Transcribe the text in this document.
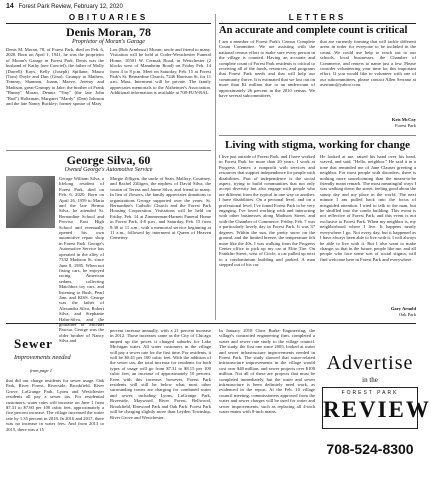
14 Forest Park Review, February 12, 2020
OBITUARIES
Denis Moran, 78
Proprietor of Moran's Garage
Denis M. Moran, 78, of Forest Park, died on Feb. 6, 2020. Born on April 1, 1941, he was the proprietor of Moran's Garage in Forest Park. Denis was the husband of Kathy (nee Conciel); the father of Molly (Darrell) Kays, Kelly (Joseph) Spillane, Maura (Tom) Doyle and Dan (Gina); Grumpy to Mathew, Tommy, Shannon, Joann, Maeve, Jeremy and Madison, great-Grumpy to Jake; the brother of Frank "Bunny" Moran, Dennis "Tiny" (the late John "Bud") Holtzman, Margaret "Mardy" (Dan) Johnson and the late Nancy Buckley; former spouse of Mary
Lou (Bob Armbrust) Moran; uncle and friend to many. Visitation will be held at Coder-Westchester Funeral Home, 10501 W. Cermak Road, in Westchester (2 blocks west of Mannheim Road) on Friday Feb. 14 from 4 to 8 p.m. Meet on Saturday, Feb. 15 at Forest Park's St. Bernardine Church, 7246 Harrison St. for 11 a.m. Mass. Interment will be private. The family appreciates memorials to the Alzheimer's Association. Additional information is available at 708-FUN-RAL.
George Silva, 60
Owned George's Automotive Service
George William Silva, a lifelong resident of Forest Park, died on Feb. 6, 2020. Born on April 26, 1959 to Maria and the late Hermo Silva, he attended St. Bernardine School and Proviso East High School and eventually opened his own automotive repair shop in Forest Park. George's Automotive Service has operated in the alley of 7332 Madison St. since June 8, 1985. When not fixing cars, he enjoyed racing American sedans, collecting Matchbox toy cars, and listening to Rush, Pearl Jam, and KISS. George was the father of Alexandra Silva, Robert Silva, and Stephanie Hahn-Silva, and the godfather of Michael Pascua. George was the older brother of Nancy Silva and
Margie Zilligen, the uncle of Sean, Mallory, Courtney, and Rachel Zilligen, the nephew of David Silva, the cousin of Teresa and Jaime Silva, and friend to many. In lieu of flowers, the family appreciates donations to organizations George supported over the years: St. Bernardine's Catholic Church and the Forest Park Housing Corporation. Visitations will be held on Friday, Feb. 14 at Zimmerman-Harnett Funeral Home in Forest Park, 4-8 p.m., and Saturday, Feb. 15 from 9:30 to 11 a.m., with a memorial service beginning at 11 a.m., followed by interment at Queen of Heaven Cemetery.
LETTERS
An accurate and complete count is critical
I am a member of Forest Park's Census Complete Count Committee. We are assisting with the national census effort to make sure every person in the village is counted. Having an accurate and complete count of Forest Park residents is critical to receiving all of the funds, resources, and programs that Forest Park needs and that will help our community thrive. It is estimated that we lost out on more than $2 million due to an undercount of approximately 26 percent in the 2010 census. We have several subcommittees
that are currently forming that will tackle different areas in order for everyone to be included in the count. We could use help to reach out to our schools, local businesses, the Chamber of Commerce, and renters to name just a few. Please consider volunteering your time for this important effort. If you would like to volunteer with one of our subcommittees, please contact Allen Serrano at aserrano@yahoo.com.
Kris McCoy
Forest Park
Living with stigma, working for change
I live just outside of Forest Park, and I have worked in Forest Park for more than 20 years. I work at Progress Center, a nonprofit with services and resources that support independence for people with disabilities. Part of independence is the social aspect, trying to build communities that not only accept diversity but also engage with people who are different from the typical in one way or another. I have disabilities. On a personal level, and on a professional level, I've found Forest Park to be very engaging. I've loved working with and interacting with other businesses along Madison Street, and with the Chamber of Commerce. Friday, Feb. 7 was a particularly lovely day in Forest Park. It was 37 degrees. Within the sun, the pretty snow on the ground, and the limited breeze, the temperature felt more like the 40s. I was walking from the Progress Center office to pick up my car at Elite Tire. On Franklin Street, west of Circle, a car pulled up next to a condominium building and parked. A man stepped out of his car.
He looked at me, raised his hand over his head, waved, and said, "Hello, neighbor." He said it in a tone that reminded me of Jane Clauser greeting a neighbor. For most people with disorders, there is nothing more unwelcoming than the meant-to-be friendly mean remark. The most meaningful ways I was walking down the street, feeling good about the sunny day and my place in the world. The next minute I am pulled back into the focus of misguided attention. I tried to talk to the man, but he shuffled into the condo building. This event is not reflective of Forest Park, and this event is not exclusive to Forest Park. When my neighbor is, my neighborhood where I live. It happens nearly everywhere I go. Not every day, but it happened as I have always been able to live with it. I will always be able to live with it. But I also want to make change, so that in the future, people like me, and all people who face some sort of social stigma, will find welcome here in Forest Park and everywhere.
Gary Arnold
Oak Park
Sewer
Improvements needed
from page 1
that did our charge residents for sewer usage. Oak Park, River Forest, Riverside, Brookfield, River Grove, LaGrange Park, Lyons and Westchester residents all pay a sewer tax. For residential customers, water rates will increase on June 1 from $7.31 to $7.60 per 100 cubic feet, approximately a five percent increase. The village increased the water rate by 1.35 percent in 2018. In 2016 and 2017, there was no increase in water fees. And from 2013 to 2015, there was a 15
percent increase annually, with a 21 percent increase in 2012. Those increases came as the City of Chicago amped up the prices it charged suburbs for Lake Michigan water. All water customers in the village will pay a sewer rate for the first time. For residents, it will be $0.45 per 100 cubic feet. With the addition of the sewer tax, the total increase for residents for both types of usage will go from $7.31 to $8.15 per 100 cubic feet, an increase of approximately 10 percent. Even with this increase, however, Forest Park residents will still be below what most other surrounding towns are charging for combined water and sewer, including Lyons, LaGrange Park, Riverside, Maywood, River Forest, Bellwood, Brookfield, Elmwood Park and Oak Park. Forest Park will be charging slightly more than Leyden Township, River Grove and Westchester.
In January 2018 Chris Burke Engineering, the village's contracted engineering firm, completed a water and sewer rate study to the village council. The study, the first one since 2005, looked at water and sewer infrastructure improvements needed in Forest Park. The study showed that water-related infrastructure improvements in the village would cost over $40 million, and sewer projects over $100 million. Not all of these are projects that must be completed immediately, but the water and sewer infrastructure is been definitely need work, as evidenced in the report. At the Feb. 10 village council meeting, commissioners approved from the water and sewer charges will be used for water and sewer improvements, such as replacing all 4-inch water mains with 8-inch mains.
Advertise
in the
FOREST PARK
REVIEW
708-524-8300
